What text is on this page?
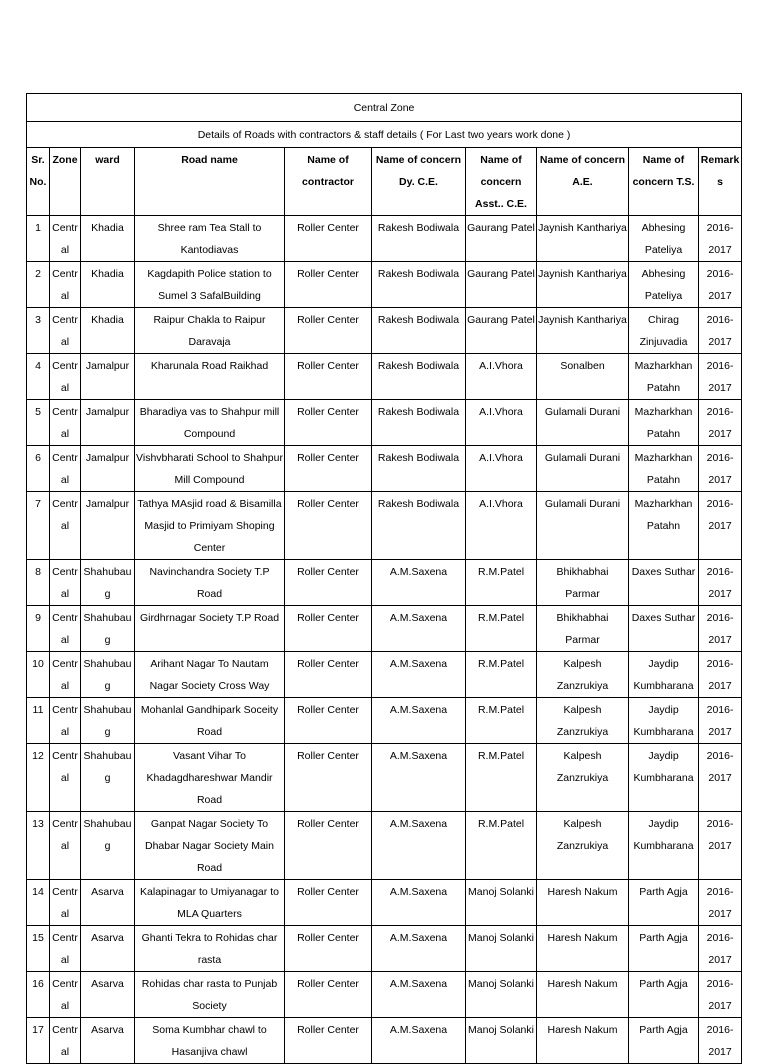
Central Zone									
Details of Roads with contractors & staff details ( For Last two years work done )									
Sr. No.	Zone	ward	Road name	Name of contractor	Name of concern Dy. C.E.	Name of concern Asst.. C.E.	Name of concern A.E.	Name of concern T.S.	Remarks
1	Central	Khadia	Shree ram Tea Stall to Kantodiavas	Roller Center	Rakesh Bodiwala	Gaurang Patel	Jaynish Kanthariya	Abhesing Pateliya	2016-2017
2	Central	Khadia	Kagdapith Police station to Sumel 3 SafalBuilding	Roller Center	Rakesh Bodiwala	Gaurang Patel	Jaynish Kanthariya	Abhesing Pateliya	2016-2017
3	Central	Khadia	Raipur Chakla to Raipur Daravaja	Roller Center	Rakesh Bodiwala	Gaurang Patel	Jaynish Kanthariya	Chirag Zinjuvadia	2016-2017
4	Central	Jamalpur	Kharunala Road Raikhad	Roller Center	Rakesh Bodiwala	A.I.Vhora	Sonalben	Mazharkhan Patahn	2016-2017
5	Central	Jamalpur	Bharadiya vas to Shahpur mill Compound	Roller Center	Rakesh Bodiwala	A.I.Vhora	Gulamali Durani	Mazharkhan Patahn	2016-2017
6	Central	Jamalpur	Vishvbharati School to Shahpur Mill Compound	Roller Center	Rakesh Bodiwala	A.I.Vhora	Gulamali Durani	Mazharkhan Patahn	2016-2017
7	Central	Jamalpur	Tathya MAsjid road & Bisamilla Masjid to Primiyam Shoping Center	Roller Center	Rakesh Bodiwala	A.I.Vhora	Gulamali Durani	Mazharkhan Patahn	2016-2017
8	Central	Shahubaug	Navinchandra Society T.P Road	Roller Center	A.M.Saxena	R.M.Patel	Bhikhabhai Parmar	Daxes Suthar	2016-2017
9	Central	Shahubaug	Girdhrnagar Society T.P Road	Roller Center	A.M.Saxena	R.M.Patel	Bhikhabhai Parmar	Daxes Suthar	2016-2017
10	Central	Shahubaug	Arihant Nagar To Nautam Nagar Society Cross Way	Roller Center	A.M.Saxena	R.M.Patel	Kalpesh Zanzrukiya	Jaydip Kumbharana	2016-2017
11	Central	Shahubaug	Mohanlal Gandhipark Soceity Road	Roller Center	A.M.Saxena	R.M.Patel	Kalpesh Zanzrukiya	Jaydip Kumbharana	2016-2017
12	Central	Shahubaug	Vasant Vihar To Khadagdhareshwar Mandir Road	Roller Center	A.M.Saxena	R.M.Patel	Kalpesh Zanzrukiya	Jaydip Kumbharana	2016-2017
13	Central	Shahubaug	Ganpat Nagar Society To Dhabar Nagar Society Main Road	Roller Center	A.M.Saxena	R.M.Patel	Kalpesh Zanzrukiya	Jaydip Kumbharana	2016-2017
14	Central	Asarva	Kalapinagar to Umiyanagar to MLA Quarters	Roller Center	A.M.Saxena	Manoj Solanki	Haresh Nakum	Parth Agja	2016-2017
15	Central	Asarva	Ghanti Tekra to Rohidas char rasta	Roller Center	A.M.Saxena	Manoj Solanki	Haresh Nakum	Parth Agja	2016-2017
16	Central	Asarva	Rohidas char rasta to Punjab Society	Roller Center	A.M.Saxena	Manoj Solanki	Haresh Nakum	Parth Agja	2016-2017
17	Central	Asarva	Soma Kumbhar chawl to Hasanjiva chawl	Roller Center	A.M.Saxena	Manoj Solanki	Haresh Nakum	Parth Agja	2016-2017
